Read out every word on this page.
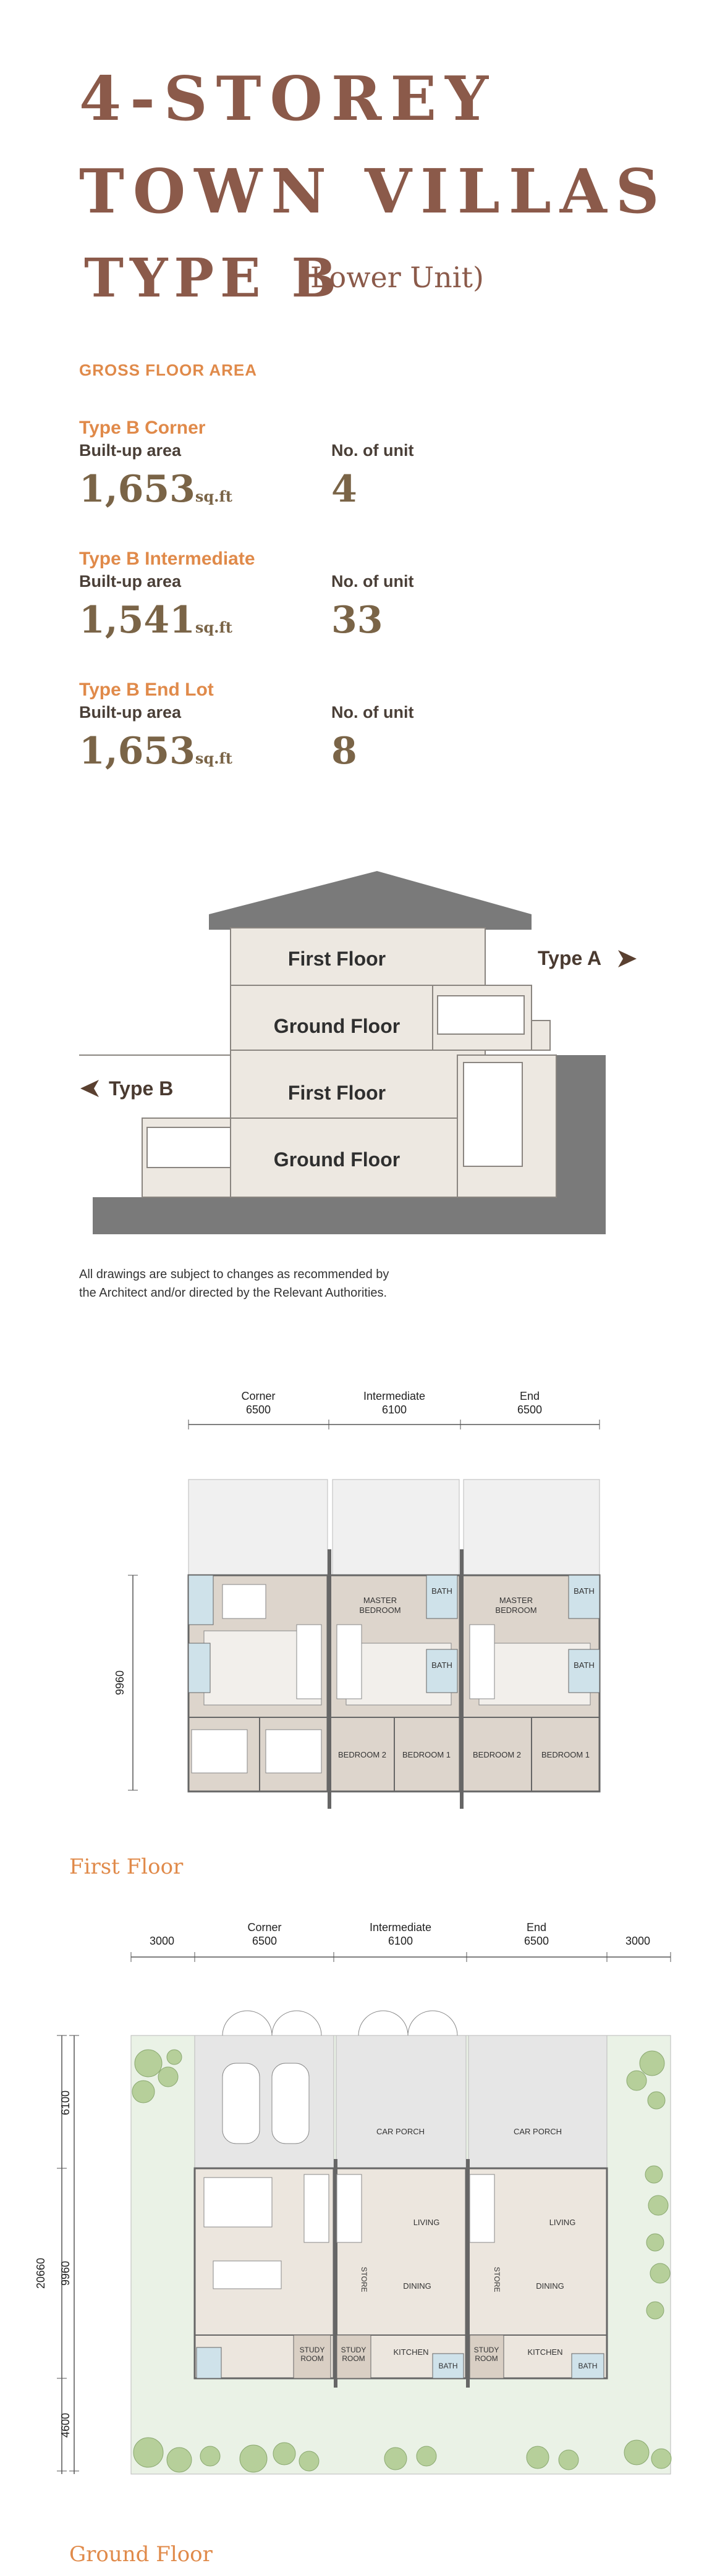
4-STOREY
TOWN VILLAS
TYPE B
(Lower Unit)
GROSS FLOOR AREA
Type B Corner
Built-up area	No. of unit
1,653sq.ft	4
Type B Intermediate
Built-up area	No. of unit
1,541sq.ft	33
Type B End Lot
Built-up area	No. of unit
1,653sq.ft	8
First Floor
Ground Floor
First Floor
Ground Floor
Type A
Type B
All drawings are subject to changes as recommended by
the Architect and/or directed by the Relevant Authorities.
Corner
6500
Intermediate
6100
End
6500
9960
BATH
BATH
BATH
BATH
MASTER
BEDROOM
MASTER
BEDROOM
BEDROOM 2 BEDROOM 1	BEDROOM 2	BEDROOM 1
First Floor
3000
Corner
6500
Intermediate
6100
End
6500	3000
6100
9960
4600
20660
CAR PORCH	CAR PORCH
LIVING	LIVING
DINING	DINING
STUDY
ROOM
STUDY
ROOM
STUDY
ROOM
KITCHEN	KITCHEN
BATH	BATH
STORE	STORE
Ground Floor
